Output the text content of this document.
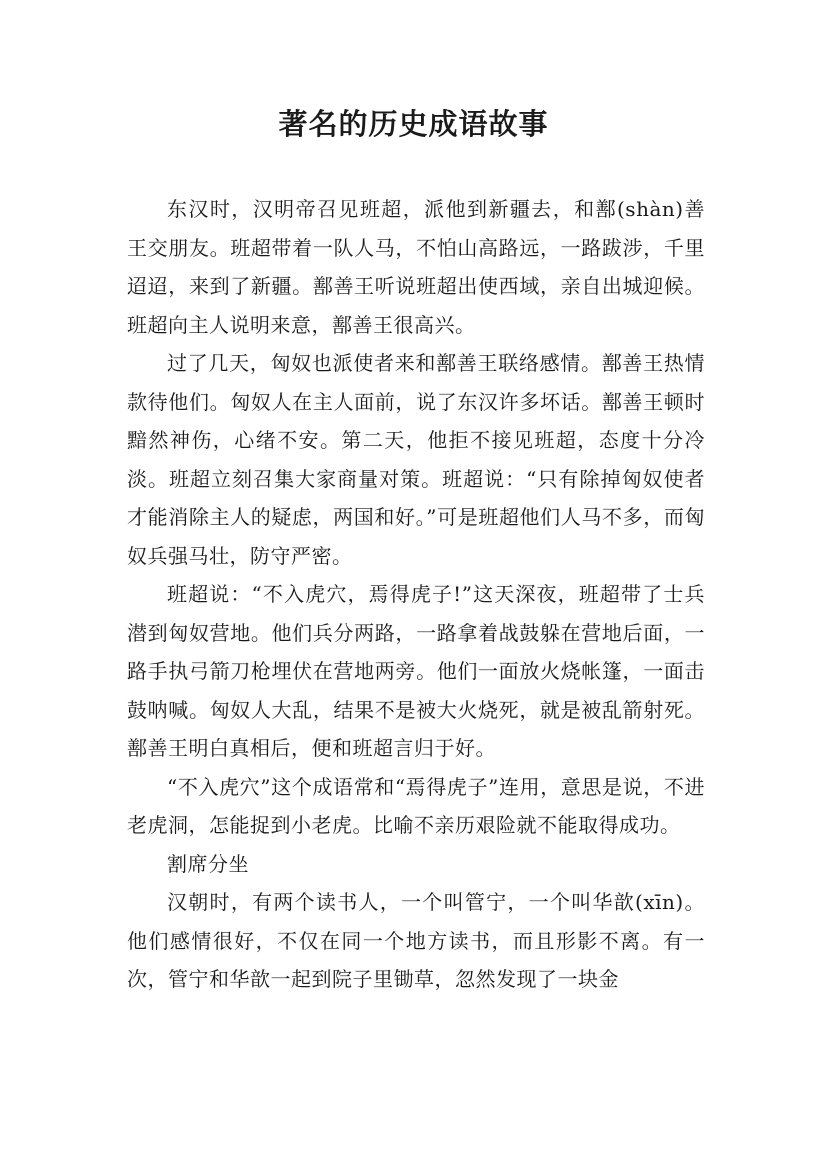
著名的历史成语故事

东汉时，汉明帝召见班超，派他到新疆去，和鄯(shàn)善王交朋友。班超带着一队人马，不怕山高路远，一路跋涉，千里迢迢，来到了新疆。鄯善王听说班超出使西域，亲自出城迎候。班超向主人说明来意，鄯善王很高兴。

过了几天，匈奴也派使者来和鄯善王联络感情。鄯善王热情款待他们。匈奴人在主人面前，说了东汉许多坏话。鄯善王顿时黯然神伤，心绪不安。第二天，他拒不接见班超，态度十分冷淡。班超立刻召集大家商量对策。班超说：“只有除掉匈奴使者才能消除主人的疑虑，两国和好。”可是班超他们人马不多，而匈奴兵强马壮，防守严密。

班超说：“不入虎穴，焉得虎子!”这天深夜，班超带了士兵潜到匈奴营地。他们兵分两路，一路拿着战鼓躲在营地后面，一路手执弓箭刀枪埋伏在营地两旁。他们一面放火烧帐篷，一面击鼓呐喊。匈奴人大乱，结果不是被大火烧死，就是被乱箭射死。鄯善王明白真相后，便和班超言归于好。

“不入虎穴”这个成语常和“焉得虎子”连用，意思是说，不进老虎洞，怎能捉到小老虎。比喻不亲历艰险就不能取得成功。

割席分坐

汉朝时，有两个读书人，一个叫管宁，一个叫华歆(xīn)。他们感情很好，不仅在同一个地方读书，而且形影不离。有一次，管宁和华歆一起到院子里锄草，忽然发现了一块金
